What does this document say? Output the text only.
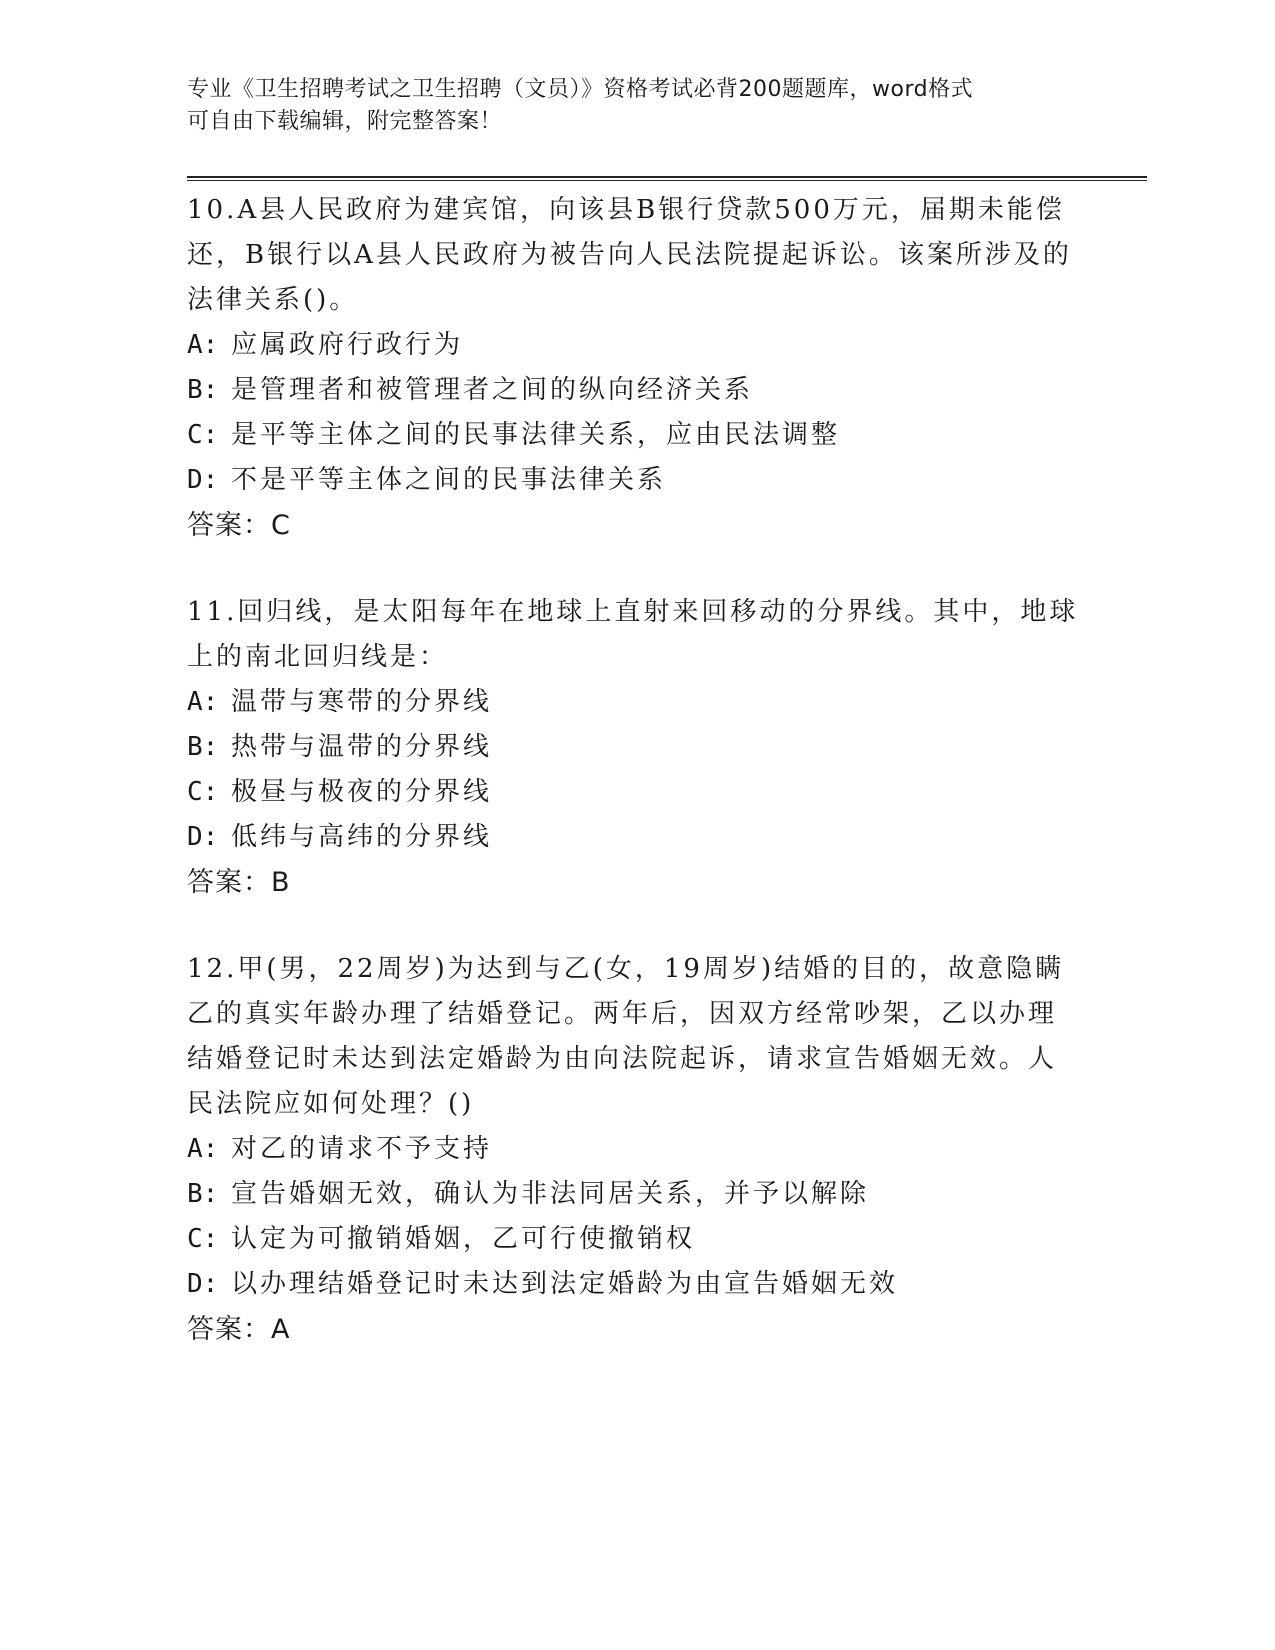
专业《卫生招聘考试之卫生招聘（文员）》资格考试必背200题题库，word格式
可自由下载编辑，附完整答案！
10.A县人民政府为建宾馆，向该县B银行贷款500万元，届期未能偿
还，B银行以A县人民政府为被告向人民法院提起诉讼。该案所涉及的
法律关系()。
A: 应属政府行政行为
B: 是管理者和被管理者之间的纵向经济关系
C: 是平等主体之间的民事法律关系，应由民法调整
D: 不是平等主体之间的民事法律关系
答案：C
11.回归线，是太阳每年在地球上直射来回移动的分界线。其中，地球
上的南北回归线是：
A: 温带与寒带的分界线
B: 热带与温带的分界线
C: 极昼与极夜的分界线
D: 低纬与高纬的分界线
答案：B
12.甲(男，22周岁)为达到与乙(女，19周岁)结婚的目的，故意隐瞒
乙的真实年龄办理了结婚登记。两年后，因双方经常吵架，乙以办理
结婚登记时未达到法定婚龄为由向法院起诉，请求宣告婚姻无效。人
民法院应如何处理？()
A: 对乙的请求不予支持
B: 宣告婚姻无效，确认为非法同居关系，并予以解除
C: 认定为可撤销婚姻，乙可行使撤销权
D: 以办理结婚登记时未达到法定婚龄为由宣告婚姻无效
答案：A
